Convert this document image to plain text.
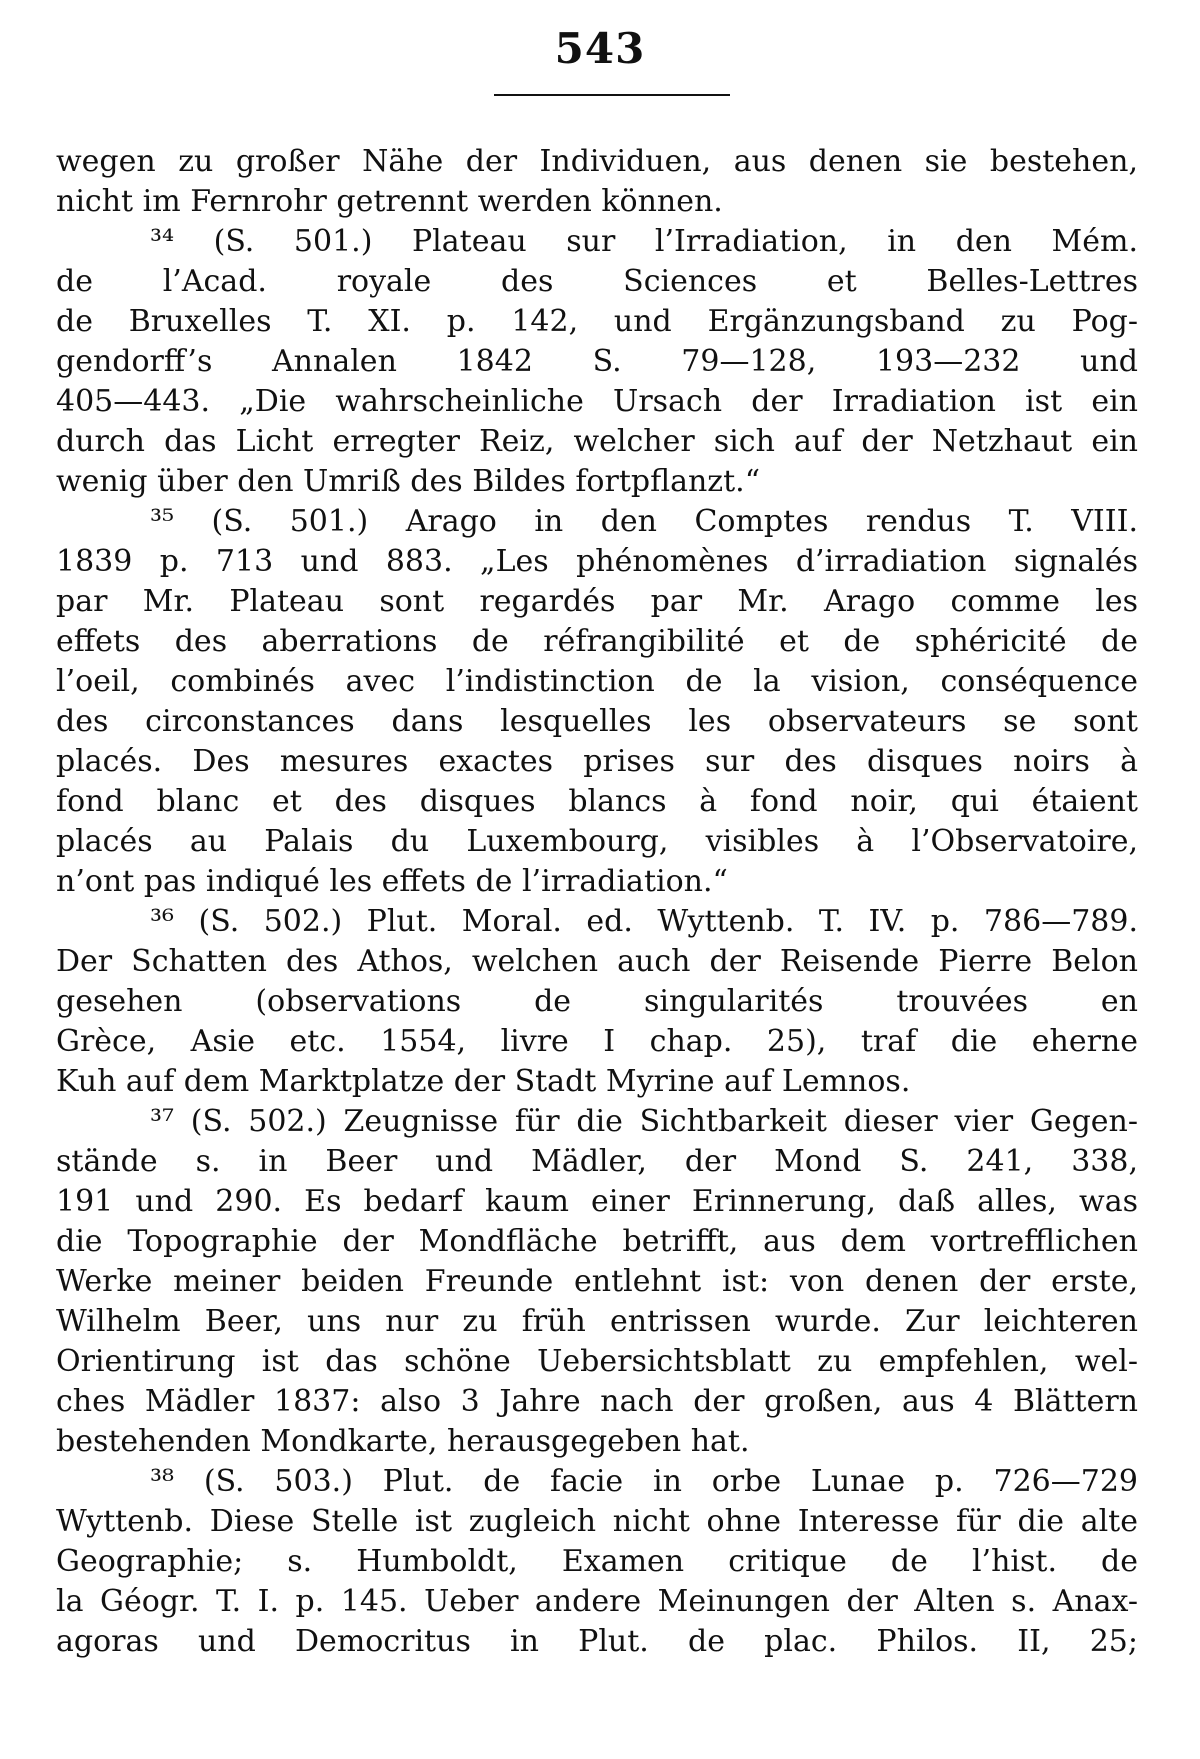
543
wegen zu großer Nähe der Individuen, aus denen sie bestehen,
nicht im Fernrohr getrennt werden können.
³⁴ (S. 501.) Plateau sur l’Irradiation, in den Mém.
de l’Acad. royale des Sciences et Belles-Lettres
de Bruxelles T. XI. p. 142, und Ergänzungsband zu Pog-
gendorff’s Annalen 1842 S. 79—128, 193—232 und
405—443. „Die wahrscheinliche Ursach der Irradiation ist ein
durch das Licht erregter Reiz, welcher sich auf der Netzhaut ein
wenig über den Umriß des Bildes fortpflanzt.“
³⁵ (S. 501.) Arago in den Comptes rendus T. VIII.
1839 p. 713 und 883. „Les phénomènes d’irradiation signalés
par Mr. Plateau sont regardés par Mr. Arago comme les
effets des aberrations de réfrangibilité et de sphéricité de
l’oeil, combinés avec l’indistinction de la vision, conséquence
des circonstances dans lesquelles les observateurs se sont
placés. Des mesures exactes prises sur des disques noirs à
fond blanc et des disques blancs à fond noir, qui étaient
placés au Palais du Luxembourg, visibles à l’Observatoire,
n’ont pas indiqué les effets de l’irradiation.“
³⁶ (S. 502.) Plut. Moral. ed. Wyttenb. T. IV. p. 786—789.
Der Schatten des Athos, welchen auch der Reisende Pierre Belon
gesehen (observations de singularités trouvées en
Grèce, Asie etc. 1554, livre I chap. 25), traf die eherne
Kuh auf dem Marktplatze der Stadt Myrine auf Lemnos.
³⁷ (S. 502.) Zeugnisse für die Sichtbarkeit dieser vier Gegen-
stände s. in Beer und Mädler, der Mond S. 241, 338,
191 und 290. Es bedarf kaum einer Erinnerung, daß alles, was
die Topographie der Mondfläche betrifft, aus dem vortrefflichen
Werke meiner beiden Freunde entlehnt ist: von denen der erste,
Wilhelm Beer, uns nur zu früh entrissen wurde. Zur leichteren
Orientirung ist das schöne Uebersichtsblatt zu empfehlen, wel-
ches Mädler 1837: also 3 Jahre nach der großen, aus 4 Blättern
bestehenden Mondkarte, herausgegeben hat.
³⁸ (S. 503.) Plut. de facie in orbe Lunae p. 726—729
Wyttenb. Diese Stelle ist zugleich nicht ohne Interesse für die alte
Geographie; s. Humboldt, Examen critique de l’hist. de
la Géogr. T. I. p. 145. Ueber andere Meinungen der Alten s. Anax-
agoras und Democritus in Plut. de plac. Philos. II, 25;
